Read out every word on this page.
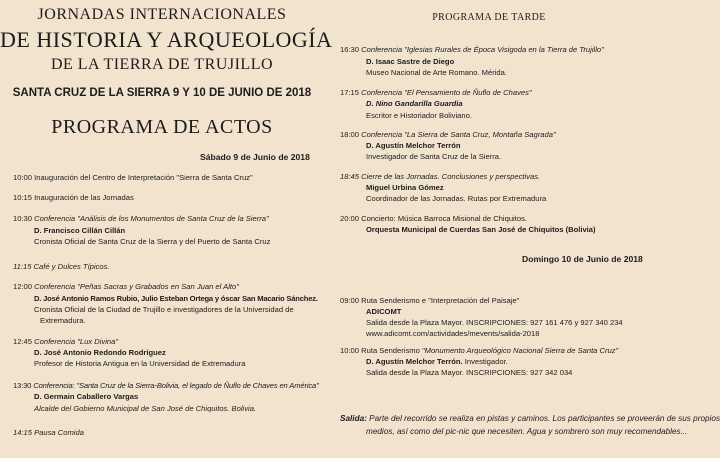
JORNADAS INTERNACIONALES
DE HISTORIA Y ARQUEOLOGÍA
DE LA TIERRA DE TRUJILLO
SANTA CRUZ DE LA SIERRA 9 Y 10 DE JUNIO DE 2018
PROGRAMA DE ACTOS
Sábado 9 de Junio de 2018
10:00 Inauguración del Centro de Interpretación "Sierra de Santa Cruz"
10:15 Inauguración de las Jornadas
10:30 Conferencia "Análisis de los Monumentos de Santa Cruz de la Sierra"
D. Francisco Cillán Cillán
Cronista Oficial de Santa Cruz de la Sierra y del Puerto de Santa Cruz
11:15 Café y Dulces Típicos.
12:00 Conferencia "Peñas Sacras y Grabados en San Juan el Alto"
D. José Antonio Ramos Rubio, Julio Esteban Ortega y óscar San Macario Sánchez.
Cronista Oficial de la Ciudad de Trujillo e investigadores de la Universidad de
Extremadura.
12:45 Conferencia "Lux Divina"
D. José Antonio Redondo Rodríguez
Profesor de Historia Antigua en la Universidad de Extremadura
13:30 Conferencia: "Santa Cruz de la Sierra-Bolivia, el legado de Ñuflo de Chaves en América"
D. Germain Caballero Vargas
Alcalde del Gobierno Municipal de San José de Chiquitos. Bolivia.
14:15 Pausa Comida
PROGRAMA DE TARDE
16:30 Conferencia "Iglesias Rurales de Época Visigoda en la Tierra de Trujillo"
D. Isaac Sastre de Diego
Museo Nacional de Arte Romano. Mérida.
17:15 Conferencia "El Pensamiento de Ñuflo de Chaves"
D. Nino Gandarilla Guardia
Escritor e Historiador Boliviano.
18:00 Conferencia "La Sierra de Santa Cruz, Montaña Sagrada"
D. Agustín Melchor Terrón
Investigador de Santa Cruz de la Sierra.
18:45 Cierre de las Jornadas. Conclusiones y perspectivas.
Miguel Urbina Gómez
Coordinador de las Jornadas. Rutas por Extremadura
20:00 Concierto: Música Barroca Misional de Chiquitos.
Orquesta Municipal de Cuerdas San José de Chiquitos (Bolivia)
Domingo 10 de Junio de 2018
09:00 Ruta Senderismo e "Interpretación del Paisaje"
ADICOMT
Salida desde la Plaza Mayor. INSCRIPCIONES: 927 161 476 y 927 340 234
www.adicomt.com/actividades/mevents/salida-2018
10:00 Ruta Senderismo "Monumento Arqueológico Nacional Sierra de Santa Cruz"
D. Agustín Melchor Terrón. Investigador.
Salida desde la Plaza Mayor. INSCRIPCIONES: 927 342 034
Salida: Parte del recorrido se realiza en pistas y caminos. Los participantes se proveerán de sus propios
medios, así como del pic-nic que necesiten. Agua y sombrero son muy recomendables...
